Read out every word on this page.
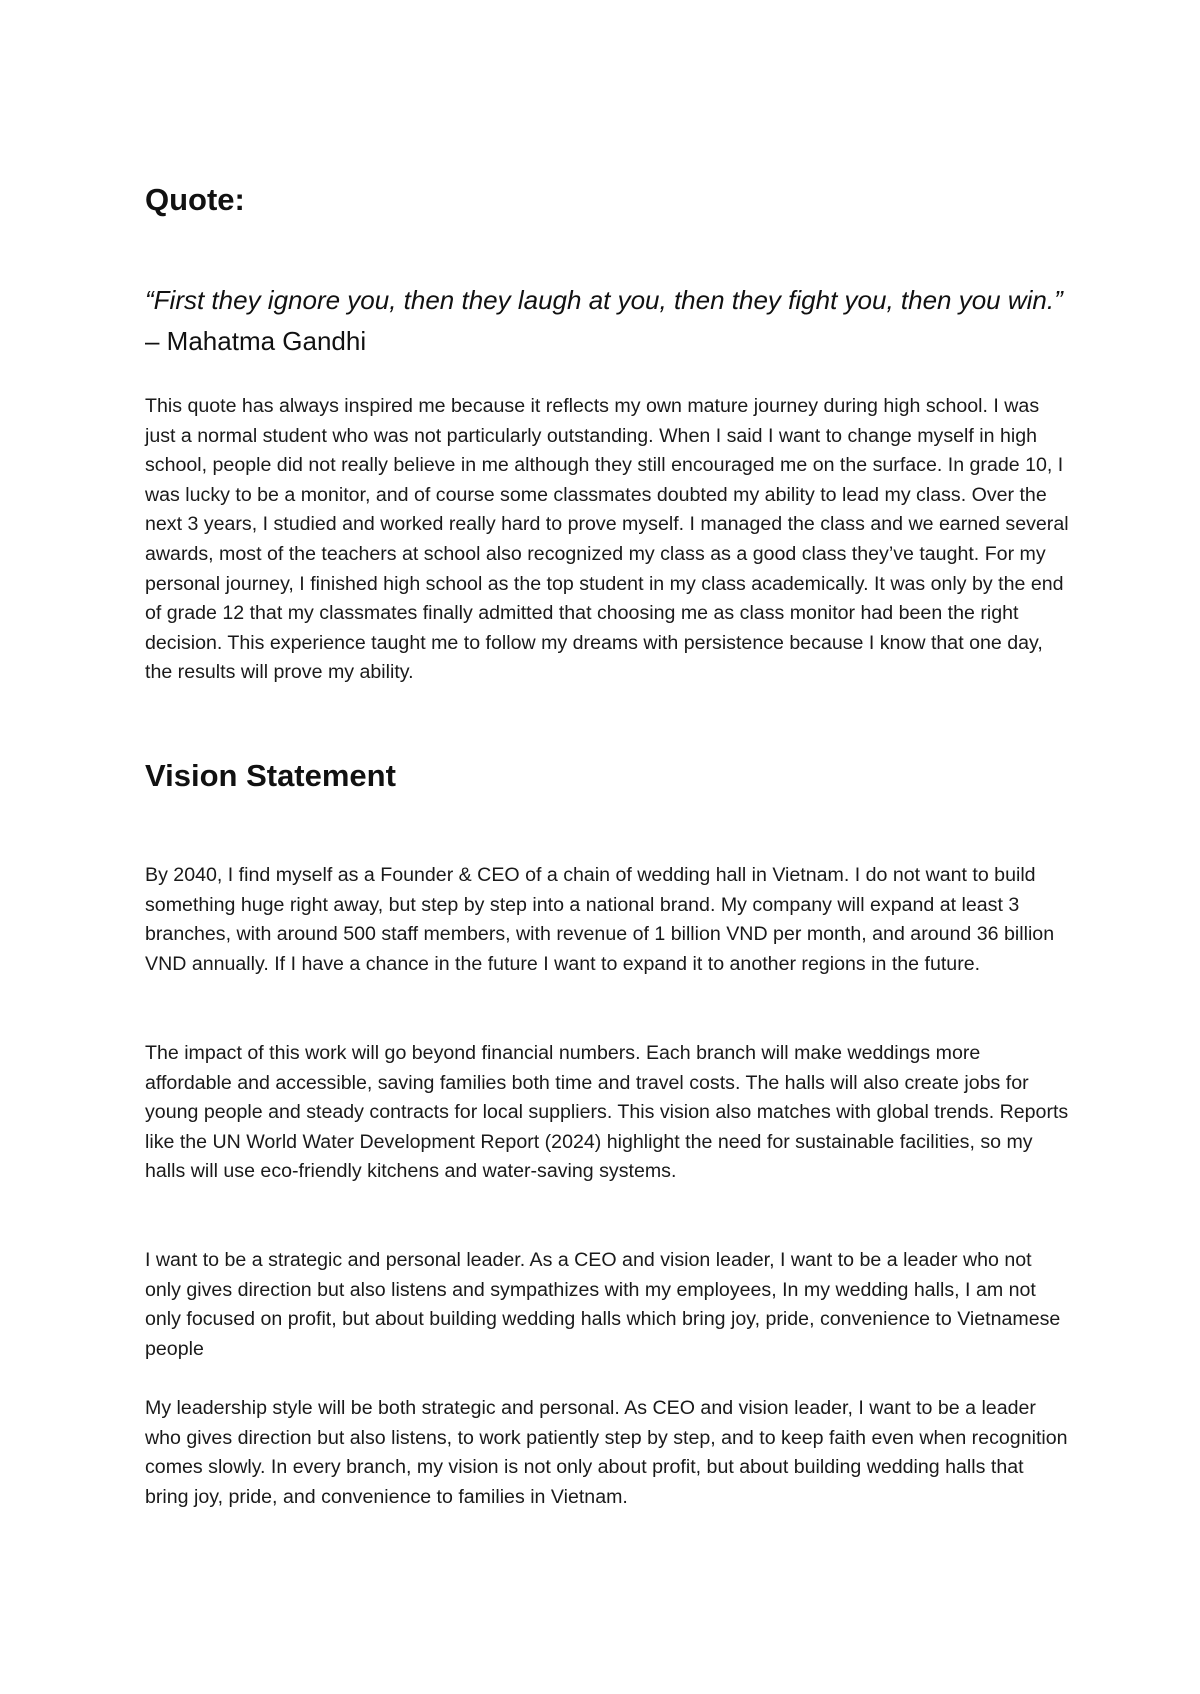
Quote:

“First they ignore you, then they laugh at you, then they fight you, then you win.” – Mahatma Gandhi

This quote has always inspired me because it reflects my own mature journey during high school. I was just a normal student who was not particularly outstanding. When I said I want to change myself in high school, people did not really believe in me although they still encouraged me on the surface. In grade 10, I was lucky to be a monitor, and of course some classmates doubted my ability to lead my class. Over the next 3 years, I studied and worked really hard to prove myself. I managed the class and we earned several awards, most of the teachers at school also recognized my class as a good class they’ve taught. For my personal journey, I finished high school as the top student in my class academically. It was only by the end of grade 12 that my classmates finally admitted that choosing me as class monitor had been the right decision. This experience taught me to follow my dreams with persistence because I know that one day, the results will prove my ability.

Vision Statement

By 2040, I find myself as a Founder & CEO of a chain of wedding hall in Vietnam. I do not want to build something huge right away, but step by step into a national brand. My company will expand at least 3 branches, with around 500 staff members, with revenue of 1 billion VND per month, and around 36 billion VND annually. If I have a chance in the future I want to expand it to another regions in the future.

The impact of this work will go beyond financial numbers. Each branch will make weddings more affordable and accessible, saving families both time and travel costs. The halls will also create jobs for young people and steady contracts for local suppliers. This vision also matches with global trends. Reports like the UN World Water Development Report (2024) highlight the need for sustainable facilities, so my halls will use eco-friendly kitchens and water-saving systems.

I want to be a strategic and personal leader. As a CEO and vision leader, I want to be a leader who not only gives direction but also listens and sympathizes with my employees, In my wedding halls, I am not only focused on profit, but about building wedding halls which bring joy, pride, convenience to Vietnamese people

My leadership style will be both strategic and personal. As CEO and vision leader, I want to be a leader who gives direction but also listens, to work patiently step by step, and to keep faith even when recognition comes slowly. In every branch, my vision is not only about profit, but about building wedding halls that bring joy, pride, and convenience to families in Vietnam.
